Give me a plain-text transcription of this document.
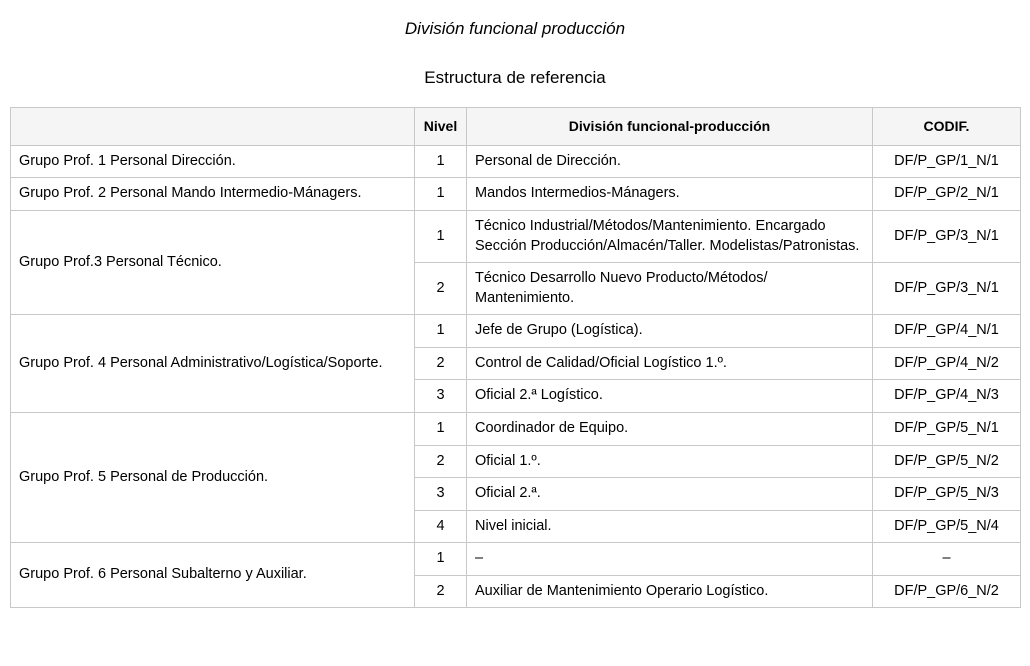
División funcional producción
Estructura de referencia
	Nivel	División funcional-producción	CODIF.
Grupo Prof. 1 Personal Dirección.	1	Personal de Dirección.	DF/P_GP/1_N/1
Grupo Prof. 2 Personal Mando Intermedio-Mánagers.	1	Mandos Intermedios-Mánagers.	DF/P_GP/2_N/1
Grupo Prof.3 Personal Técnico.	1	Técnico Industrial/Métodos/Mantenimiento. Encargado Sección Producción/Almacén/Taller. Modelistas/Patronistas.	DF/P_GP/3_N/1
	2	Técnico Desarrollo Nuevo Producto/Métodos/ Mantenimiento.	DF/P_GP/3_N/1
Grupo Prof. 4 Personal Administrativo/Logística/Soporte.	1	Jefe de Grupo (Logística).	DF/P_GP/4_N/1
	2	Control de Calidad/Oficial Logístico 1.º.	DF/P_GP/4_N/2
	3	Oficial 2.ª Logístico.	DF/P_GP/4_N/3
Grupo Prof. 5 Personal de Producción.	1	Coordinador de Equipo.	DF/P_GP/5_N/1
	2	Oficial 1.º.	DF/P_GP/5_N/2
	3	Oficial 2.ª.	DF/P_GP/5_N/3
	4	Nivel inicial.	DF/P_GP/5_N/4
Grupo Prof. 6 Personal Subalterno y Auxiliar.	1	–	–
	2	Auxiliar de Mantenimiento Operario Logístico.	DF/P_GP/6_N/2
